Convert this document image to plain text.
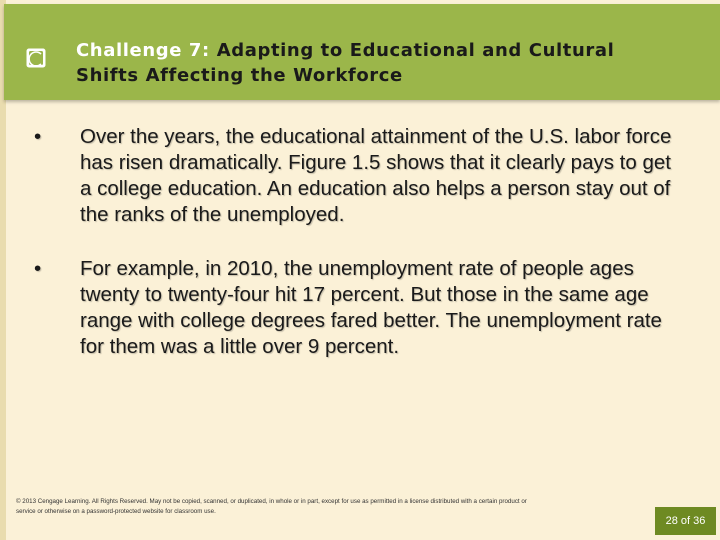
Challenge 7: Adapting to Educational and Cultural Shifts Affecting the Workforce
• Over the years, the educational attainment of the U.S. labor force has risen dramatically. Figure 1.5 shows that it clearly pays to get a college education. An education also helps a person stay out of the ranks of the unemployed.
• For example, in 2010, the unemployment rate of people ages twenty to twenty-four hit 17 percent. But those in the same age range with college degrees fared better. The unemployment rate for them was a little over 9 percent.
© 2013 Cengage Learning. All Rights Reserved. May not be copied, scanned, or duplicated, in whole or in part, except for use as permitted in a license distributed with a certain product or service or otherwise on a password-protected website for classroom use.
28 of 36
